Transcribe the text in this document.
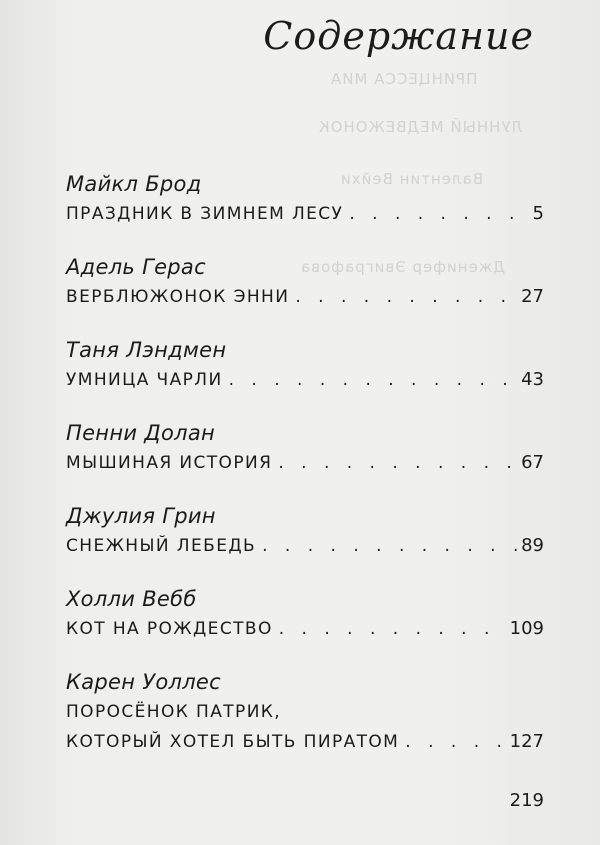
ПРИНЦЕССА МИА
ЛУННЫЙ МЕДВЕЖОНОК
Валентин Вейхи
Дженифер Эвиграфова
Содержание
Майкл Брод
ПРАЗДНИК В ЗИМНЕМ ЛЕСУ . . .	5
Адель Герас
ВЕРБЛЮЖОНОК ЭННИ . . .	27
Таня Лэндмен
УМНИЦА ЧАРЛИ . . .	43
Пенни Долан
МЫШИНАЯ ИСТОРИЯ . . .	67
Джулия Грин
СНЕЖНЫЙ ЛЕБЕДЬ . . .	89
Холли Вебб
КОТ НА РОЖДЕСТВО . . .	109
Карен Уоллес
ПОРОСЁНОК ПАТРИК,
КОТОРЫЙ ХОТЕЛ БЫТЬ ПИРАТОМ . . .	127
219
